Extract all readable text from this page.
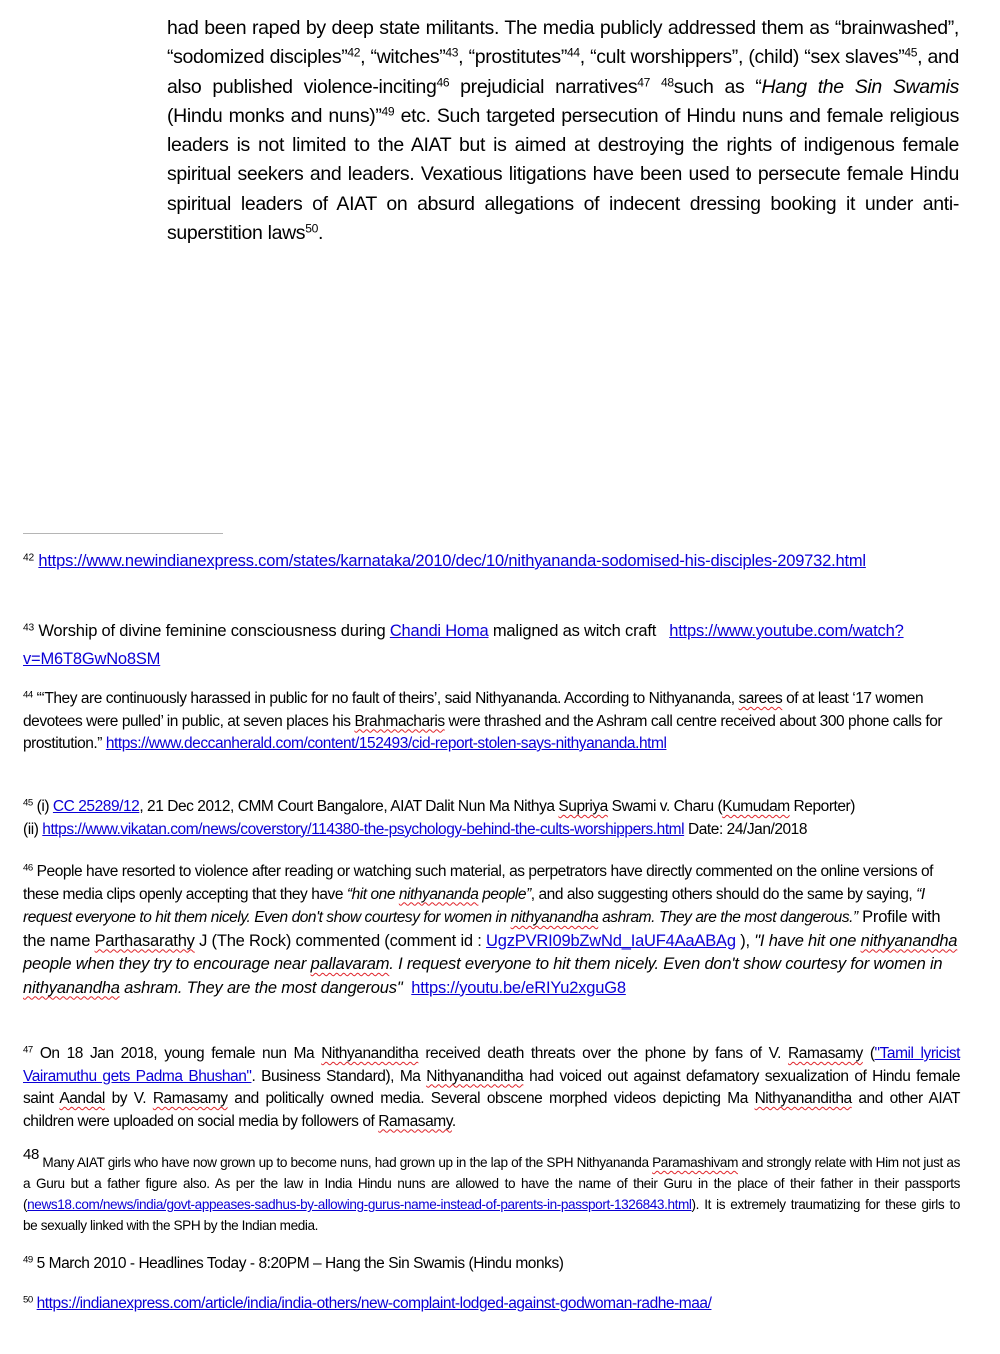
had been raped by deep state militants. The media publicly addressed them as “brainwashed”, “sodomized disciples”$^{42}$, “witches”$^{43}$, “prostitutes”$^{44}$, “cult worshippers”, (child) “sex slaves”$^{45}$, and also published violence-inciting$^{46}$ prejudicial narratives$^{47}$ $^{48}$such as “Hang the Sin Swamis (Hindu monks and nuns)”$^{49}$ etc. Such targeted persecution of Hindu nuns and female religious leaders is not limited to the AIAT but is aimed at destroying the rights of indigenous female spiritual seekers and leaders. Vexatious litigations have been used to persecute female Hindu spiritual leaders of AIAT on absurd allegations of indecent dressing booking it under anti-superstition laws$^{50}$.
$^{42}$ https://www.newindianexpress.com/states/karnataka/2010/dec/10/nithyananda-sodomised-his-disciples-209732.html
$^{43}$ Worship of divine feminine consciousness during Chandi Homa maligned as witch craft   https://www.youtube.com/watch?v=M6T8GwNo8SM
$^{44}$ “‘They are continuously harassed in public for no fault of theirs’, said Nithyananda. According to Nithyananda, sarees of at least ‘17 women devotees were pulled’ in public, at seven places his Brahmacharis were thrashed and the Ashram call centre received about 300 phone calls for prostitution.” https://www.deccanherald.com/content/152493/cid-report-stolen-says-nithyananda.html
$^{45}$ (i) CC 25289/12, 21 Dec 2012, CMM Court Bangalore, AIAT Dalit Nun Ma Nithya Supriya Swami v. Charu (Kumudam Reporter)
(ii) https://www.vikatan.com/news/coverstory/114380-the-psychology-behind-the-cults-worshippers.html Date: 24/Jan/2018
$^{46}$ People have resorted to violence after reading or watching such material, as perpetrators have directly commented on the online versions of these media clips openly accepting that they have “hit one nithyananda people”, and also suggesting others should do the same by saying, “I request everyone to hit them nicely. Even don't show courtesy for women in nithyanandha ashram. They are the most dangerous.” Profile with the name Parthasarathy J (The Rock) commented (comment id : UgzPVRI09bZwNd_IaUF4AaABAg ), "I have hit one nithyanandha people when they try to encourage near pallavaram. I request everyone to hit them nicely. Even don't show courtesy for women in nithyanandha ashram. They are the most dangerous" https://youtu.be/eRIYu2xguG8
$^{47}$ On 18 Jan 2018, young female nun Ma Nithyananditha received death threats over the phone by fans of V. Ramasamy ("Tamil lyricist Vairamuthu gets Padma Bhushan". Business Standard), Ma Nithyananditha had voiced out against defamatory sexualization of Hindu female saint Aandal by V. Ramasamy and politically owned media. Several obscene morphed videos depicting Ma Nithyananditha and other AIAT children were uploaded on social media by followers of Ramasamy.
$^{48}$ Many AIAT girls who have now grown up to become nuns, had grown up in the lap of the SPH Nithyananda Paramashivam and strongly relate with Him not just as a Guru but a father figure also. As per the law in India Hindu nuns are allowed to have the name of their Guru in the place of their father in their passports (news18.com/news/india/govt-appeases-sadhus-by-allowing-gurus-name-instead-of-parents-in-passport-1326843.html). It is extremely traumatizing for these girls to be sexually linked with the SPH by the Indian media.
$^{49}$ 5 March 2010 - Headlines Today - 8:20PM – Hang the Sin Swamis (Hindu monks)
$^{50}$ https://indianexpress.com/article/india/india-others/new-complaint-lodged-against-godwoman-radhe-maa/
